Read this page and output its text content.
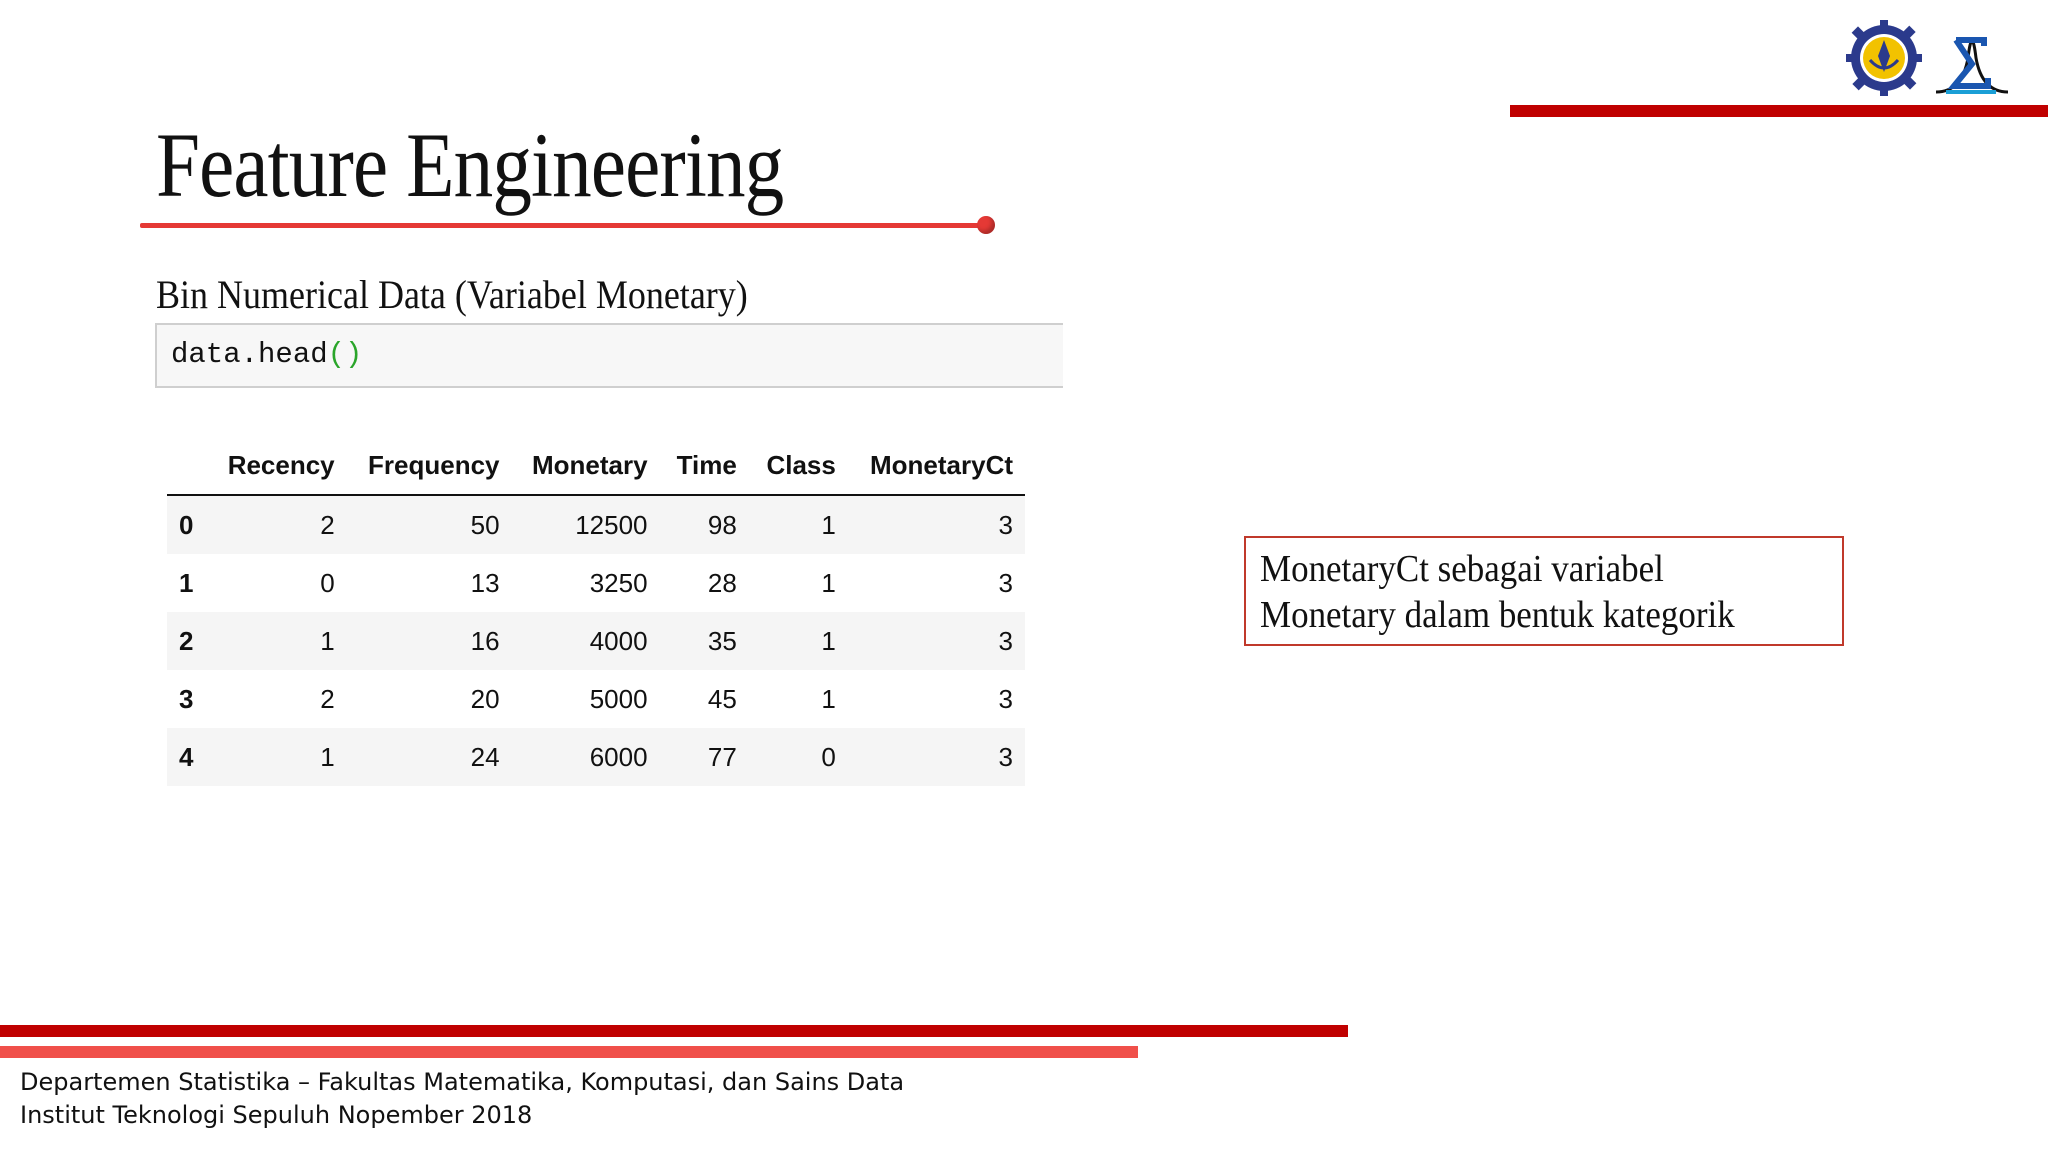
Feature Engineering
Bin Numerical Data (Variabel Monetary)
data.head()
	Recency	Frequency	Monetary	Time	Class	MonetaryCt
0	2	50	12500	98	1	3
1	0	13	3250	28	1	3
2	1	16	4000	35	1	3
3	2	20	5000	45	1	3
4	1	24	6000	77	0	3
MonetaryCt sebagai variabel
Monetary dalam bentuk kategorik
Departemen Statistika – Fakultas Matematika, Komputasi, dan Sains Data
Institut Teknologi Sepuluh Nopember 2018
